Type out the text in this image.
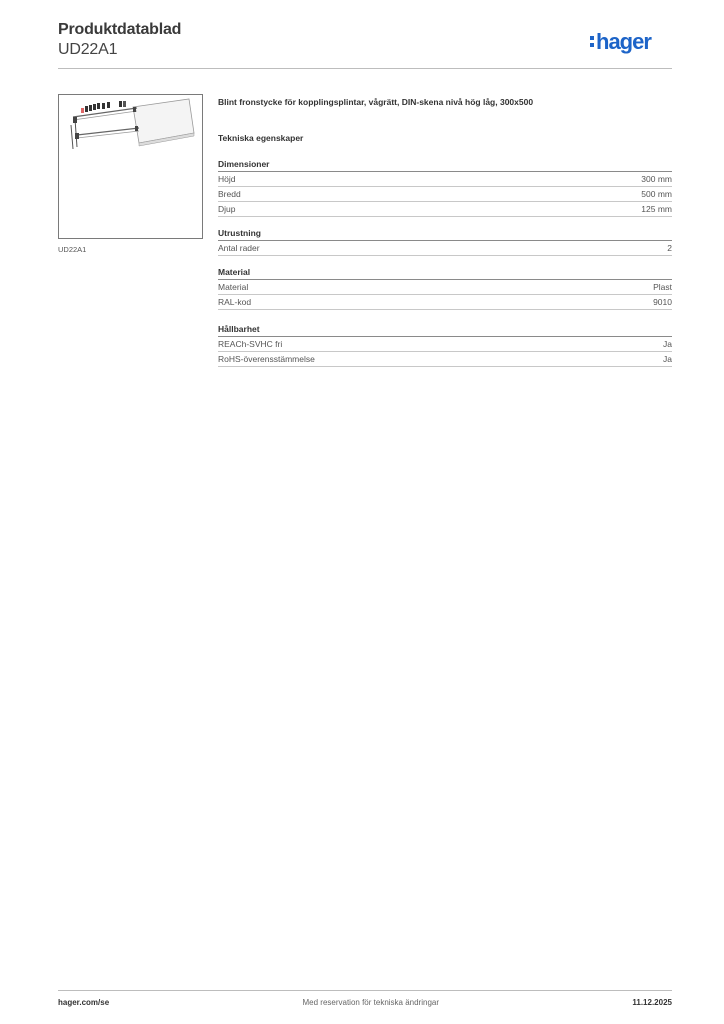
Produktdatablad
UD22A1	hager
UD22A1

Blint fronstycke för kopplingsplintar, vågrätt, DIN-skena nivå hög låg, 300x500

Tekniska egenskaper
Dimensioner
Höjd	300 mm
Bredd	500 mm
Djup	125 mm
Utrustning
Antal rader	2
Material
Material	Plast
RAL-kod	9010
Hållbarhet
REACh-SVHC fri	Ja
RoHS-överensstämmelse	Ja
hager.com/se	Med reservation för tekniska ändringar	11.12.2025
